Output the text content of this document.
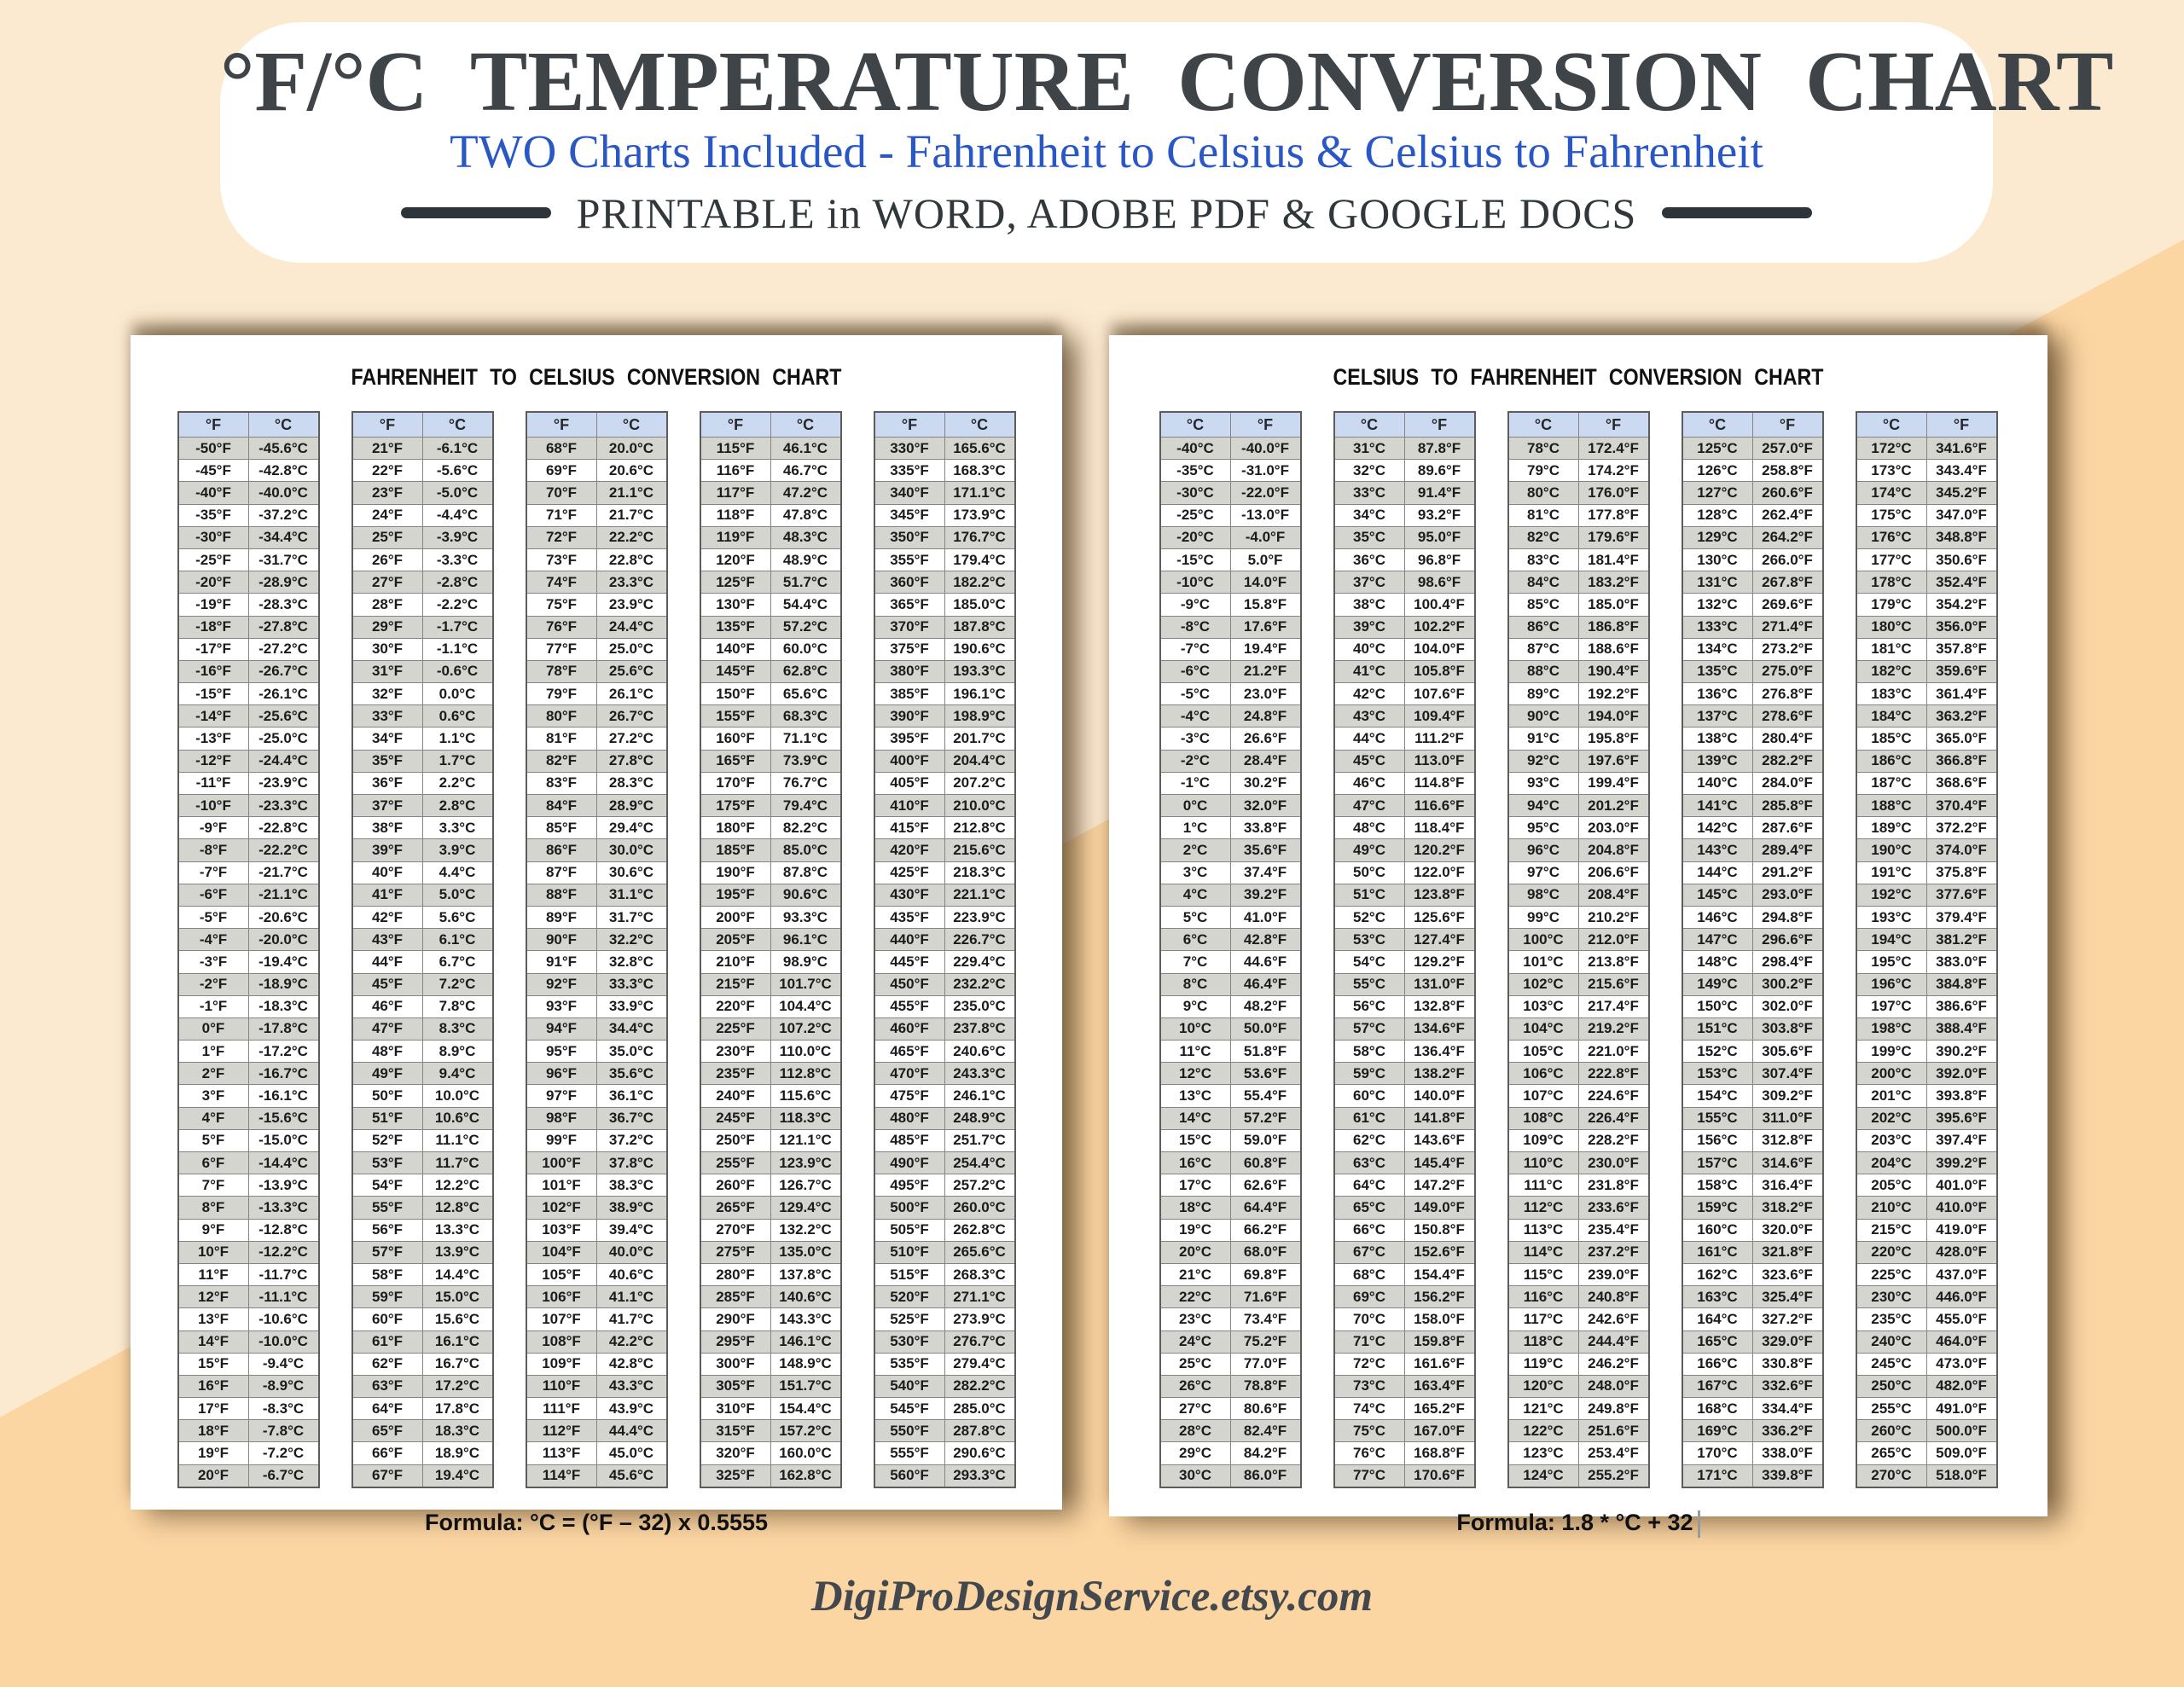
°F/°C TEMPERATURE CONVERSION CHART
TWO Charts Included - Fahrenheit to Celsius & Celsius to Fahrenheit
PRINTABLE in WORD, ADOBE PDF & GOOGLE DOCS
FAHRENHEIT TO CELSIUS CONVERSION CHART
°F	°C
-50°F	-45.6°C
-45°F	-42.8°C
-40°F	-40.0°C
-35°F	-37.2°C
-30°F	-34.4°C
-25°F	-31.7°C
-20°F	-28.9°C
-19°F	-28.3°C
-18°F	-27.8°C
-17°F	-27.2°C
-16°F	-26.7°C
-15°F	-26.1°C
-14°F	-25.6°C
-13°F	-25.0°C
-12°F	-24.4°C
-11°F	-23.9°C
-10°F	-23.3°C
-9°F	-22.8°C
-8°F	-22.2°C
-7°F	-21.7°C
-6°F	-21.1°C
-5°F	-20.6°C
-4°F	-20.0°C
-3°F	-19.4°C
-2°F	-18.9°C
-1°F	-18.3°C
0°F	-17.8°C
1°F	-17.2°C
2°F	-16.7°C
3°F	-16.1°C
4°F	-15.6°C
5°F	-15.0°C
6°F	-14.4°C
7°F	-13.9°C
8°F	-13.3°C
9°F	-12.8°C
10°F	-12.2°C
11°F	-11.7°C
12°F	-11.1°C
13°F	-10.6°C
14°F	-10.0°C
15°F	-9.4°C
16°F	-8.9°C
17°F	-8.3°C
18°F	-7.8°C
19°F	-7.2°C
20°F	-6.7°C
°F	°C
21°F	-6.1°C
22°F	-5.6°C
23°F	-5.0°C
24°F	-4.4°C
25°F	-3.9°C
26°F	-3.3°C
27°F	-2.8°C
28°F	-2.2°C
29°F	-1.7°C
30°F	-1.1°C
31°F	-0.6°C
32°F	0.0°C
33°F	0.6°C
34°F	1.1°C
35°F	1.7°C
36°F	2.2°C
37°F	2.8°C
38°F	3.3°C
39°F	3.9°C
40°F	4.4°C
41°F	5.0°C
42°F	5.6°C
43°F	6.1°C
44°F	6.7°C
45°F	7.2°C
46°F	7.8°C
47°F	8.3°C
48°F	8.9°C
49°F	9.4°C
50°F	10.0°C
51°F	10.6°C
52°F	11.1°C
53°F	11.7°C
54°F	12.2°C
55°F	12.8°C
56°F	13.3°C
57°F	13.9°C
58°F	14.4°C
59°F	15.0°C
60°F	15.6°C
61°F	16.1°C
62°F	16.7°C
63°F	17.2°C
64°F	17.8°C
65°F	18.3°C
66°F	18.9°C
67°F	19.4°C
°F	°C
68°F	20.0°C
69°F	20.6°C
70°F	21.1°C
71°F	21.7°C
72°F	22.2°C
73°F	22.8°C
74°F	23.3°C
75°F	23.9°C
76°F	24.4°C
77°F	25.0°C
78°F	25.6°C
79°F	26.1°C
80°F	26.7°C
81°F	27.2°C
82°F	27.8°C
83°F	28.3°C
84°F	28.9°C
85°F	29.4°C
86°F	30.0°C
87°F	30.6°C
88°F	31.1°C
89°F	31.7°C
90°F	32.2°C
91°F	32.8°C
92°F	33.3°C
93°F	33.9°C
94°F	34.4°C
95°F	35.0°C
96°F	35.6°C
97°F	36.1°C
98°F	36.7°C
99°F	37.2°C
100°F	37.8°C
101°F	38.3°C
102°F	38.9°C
103°F	39.4°C
104°F	40.0°C
105°F	40.6°C
106°F	41.1°C
107°F	41.7°C
108°F	42.2°C
109°F	42.8°C
110°F	43.3°C
111°F	43.9°C
112°F	44.4°C
113°F	45.0°C
114°F	45.6°C
°F	°C
115°F	46.1°C
116°F	46.7°C
117°F	47.2°C
118°F	47.8°C
119°F	48.3°C
120°F	48.9°C
125°F	51.7°C
130°F	54.4°C
135°F	57.2°C
140°F	60.0°C
145°F	62.8°C
150°F	65.6°C
155°F	68.3°C
160°F	71.1°C
165°F	73.9°C
170°F	76.7°C
175°F	79.4°C
180°F	82.2°C
185°F	85.0°C
190°F	87.8°C
195°F	90.6°C
200°F	93.3°C
205°F	96.1°C
210°F	98.9°C
215°F	101.7°C
220°F	104.4°C
225°F	107.2°C
230°F	110.0°C
235°F	112.8°C
240°F	115.6°C
245°F	118.3°C
250°F	121.1°C
255°F	123.9°C
260°F	126.7°C
265°F	129.4°C
270°F	132.2°C
275°F	135.0°C
280°F	137.8°C
285°F	140.6°C
290°F	143.3°C
295°F	146.1°C
300°F	148.9°C
305°F	151.7°C
310°F	154.4°C
315°F	157.2°C
320°F	160.0°C
325°F	162.8°C
°F	°C
330°F	165.6°C
335°F	168.3°C
340°F	171.1°C
345°F	173.9°C
350°F	176.7°C
355°F	179.4°C
360°F	182.2°C
365°F	185.0°C
370°F	187.8°C
375°F	190.6°C
380°F	193.3°C
385°F	196.1°C
390°F	198.9°C
395°F	201.7°C
400°F	204.4°C
405°F	207.2°C
410°F	210.0°C
415°F	212.8°C
420°F	215.6°C
425°F	218.3°C
430°F	221.1°C
435°F	223.9°C
440°F	226.7°C
445°F	229.4°C
450°F	232.2°C
455°F	235.0°C
460°F	237.8°C
465°F	240.6°C
470°F	243.3°C
475°F	246.1°C
480°F	248.9°C
485°F	251.7°C
490°F	254.4°C
495°F	257.2°C
500°F	260.0°C
505°F	262.8°C
510°F	265.6°C
515°F	268.3°C
520°F	271.1°C
525°F	273.9°C
530°F	276.7°C
535°F	279.4°C
540°F	282.2°C
545°F	285.0°C
550°F	287.8°C
555°F	290.6°C
560°F	293.3°C
Formula: °C = (°F – 32) x 0.5555
CELSIUS TO FAHRENHEIT CONVERSION CHART
°C	°F
-40°C	-40.0°F
-35°C	-31.0°F
-30°C	-22.0°F
-25°C	-13.0°F
-20°C	-4.0°F
-15°C	5.0°F
-10°C	14.0°F
-9°C	15.8°F
-8°C	17.6°F
-7°C	19.4°F
-6°C	21.2°F
-5°C	23.0°F
-4°C	24.8°F
-3°C	26.6°F
-2°C	28.4°F
-1°C	30.2°F
0°C	32.0°F
1°C	33.8°F
2°C	35.6°F
3°C	37.4°F
4°C	39.2°F
5°C	41.0°F
6°C	42.8°F
7°C	44.6°F
8°C	46.4°F
9°C	48.2°F
10°C	50.0°F
11°C	51.8°F
12°C	53.6°F
13°C	55.4°F
14°C	57.2°F
15°C	59.0°F
16°C	60.8°F
17°C	62.6°F
18°C	64.4°F
19°C	66.2°F
20°C	68.0°F
21°C	69.8°F
22°C	71.6°F
23°C	73.4°F
24°C	75.2°F
25°C	77.0°F
26°C	78.8°F
27°C	80.6°F
28°C	82.4°F
29°C	84.2°F
30°C	86.0°F
°C	°F
31°C	87.8°F
32°C	89.6°F
33°C	91.4°F
34°C	93.2°F
35°C	95.0°F
36°C	96.8°F
37°C	98.6°F
38°C	100.4°F
39°C	102.2°F
40°C	104.0°F
41°C	105.8°F
42°C	107.6°F
43°C	109.4°F
44°C	111.2°F
45°C	113.0°F
46°C	114.8°F
47°C	116.6°F
48°C	118.4°F
49°C	120.2°F
50°C	122.0°F
51°C	123.8°F
52°C	125.6°F
53°C	127.4°F
54°C	129.2°F
55°C	131.0°F
56°C	132.8°F
57°C	134.6°F
58°C	136.4°F
59°C	138.2°F
60°C	140.0°F
61°C	141.8°F
62°C	143.6°F
63°C	145.4°F
64°C	147.2°F
65°C	149.0°F
66°C	150.8°F
67°C	152.6°F
68°C	154.4°F
69°C	156.2°F
70°C	158.0°F
71°C	159.8°F
72°C	161.6°F
73°C	163.4°F
74°C	165.2°F
75°C	167.0°F
76°C	168.8°F
77°C	170.6°F
°C	°F
78°C	172.4°F
79°C	174.2°F
80°C	176.0°F
81°C	177.8°F
82°C	179.6°F
83°C	181.4°F
84°C	183.2°F
85°C	185.0°F
86°C	186.8°F
87°C	188.6°F
88°C	190.4°F
89°C	192.2°F
90°C	194.0°F
91°C	195.8°F
92°C	197.6°F
93°C	199.4°F
94°C	201.2°F
95°C	203.0°F
96°C	204.8°F
97°C	206.6°F
98°C	208.4°F
99°C	210.2°F
100°C	212.0°F
101°C	213.8°F
102°C	215.6°F
103°C	217.4°F
104°C	219.2°F
105°C	221.0°F
106°C	222.8°F
107°C	224.6°F
108°C	226.4°F
109°C	228.2°F
110°C	230.0°F
111°C	231.8°F
112°C	233.6°F
113°C	235.4°F
114°C	237.2°F
115°C	239.0°F
116°C	240.8°F
117°C	242.6°F
118°C	244.4°F
119°C	246.2°F
120°C	248.0°F
121°C	249.8°F
122°C	251.6°F
123°C	253.4°F
124°C	255.2°F
°C	°F
125°C	257.0°F
126°C	258.8°F
127°C	260.6°F
128°C	262.4°F
129°C	264.2°F
130°C	266.0°F
131°C	267.8°F
132°C	269.6°F
133°C	271.4°F
134°C	273.2°F
135°C	275.0°F
136°C	276.8°F
137°C	278.6°F
138°C	280.4°F
139°C	282.2°F
140°C	284.0°F
141°C	285.8°F
142°C	287.6°F
143°C	289.4°F
144°C	291.2°F
145°C	293.0°F
146°C	294.8°F
147°C	296.6°F
148°C	298.4°F
149°C	300.2°F
150°C	302.0°F
151°C	303.8°F
152°C	305.6°F
153°C	307.4°F
154°C	309.2°F
155°C	311.0°F
156°C	312.8°F
157°C	314.6°F
158°C	316.4°F
159°C	318.2°F
160°C	320.0°F
161°C	321.8°F
162°C	323.6°F
163°C	325.4°F
164°C	327.2°F
165°C	329.0°F
166°C	330.8°F
167°C	332.6°F
168°C	334.4°F
169°C	336.2°F
170°C	338.0°F
171°C	339.8°F
°C	°F
172°C	341.6°F
173°C	343.4°F
174°C	345.2°F
175°C	347.0°F
176°C	348.8°F
177°C	350.6°F
178°C	352.4°F
179°C	354.2°F
180°C	356.0°F
181°C	357.8°F
182°C	359.6°F
183°C	361.4°F
184°C	363.2°F
185°C	365.0°F
186°C	366.8°F
187°C	368.6°F
188°C	370.4°F
189°C	372.2°F
190°C	374.0°F
191°C	375.8°F
192°C	377.6°F
193°C	379.4°F
194°C	381.2°F
195°C	383.0°F
196°C	384.8°F
197°C	386.6°F
198°C	388.4°F
199°C	390.2°F
200°C	392.0°F
201°C	393.8°F
202°C	395.6°F
203°C	397.4°F
204°C	399.2°F
205°C	401.0°F
210°C	410.0°F
215°C	419.0°F
220°C	428.0°F
225°C	437.0°F
230°C	446.0°F
235°C	455.0°F
240°C	464.0°F
245°C	473.0°F
250°C	482.0°F
255°C	491.0°F
260°C	500.0°F
265°C	509.0°F
270°C	518.0°F
Formula: 1.8 * °C + 32
DigiProDesignService.etsy.com
